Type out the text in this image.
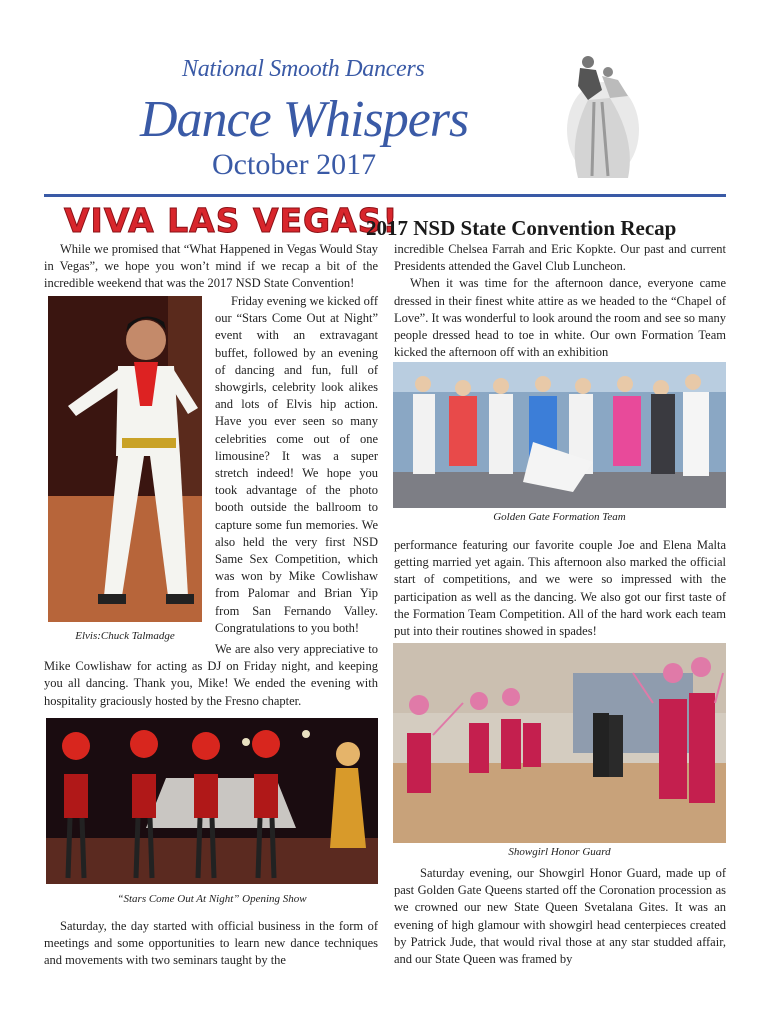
National Smooth Dancers
Dance Whispers
October 2017
VIVA LAS VEGAS!
2017 NSD State Convention Recap

While we promised that “What Happened in Vegas Would Stay in Vegas”, we hope you won’t mind if we recap a bit of the incredible weekend that was the 2017 NSD State Convention!

Friday evening we kicked off our “Stars Come Out at Night” event with an extravagant buffet, followed by an evening of dancing and fun, full of showgirls, celebrity look alikes and lots of Elvis hip action. Have you ever seen so many celebrities come out of one limousine? It was a super stretch indeed! We hope you took advantage of the photo booth outside the ballroom to capture some fun memories. We also held the very first NSD Same Sex Competition, which was won by Mike Cowlishaw from Palomar and Brian Yip from San Fernando Valley. Congratulations to you both!

Elvis:Chuck Talmadge

We are also very appreciative to Mike Cowlishaw for acting as DJ on Friday night, and keeping you all dancing. Thank you, Mike! We ended the evening with hospitality graciously hosted by the Fresno chapter.

“Stars Come Out At Night” Opening Show

Saturday, the day started with official business in the form of meetings and some opportunities to learn new dance techniques and movements with two seminars taught by the

incredible Chelsea Farrah and Eric Kopkte. Our past and current Presidents attended the Gavel Club Luncheon.

When it was time for the afternoon dance, everyone came dressed in their finest white attire as we headed to the “Chapel of Love”. It was wonderful to look around the room and see so many people dressed head to toe in white. Our own Formation Team kicked the afternoon off with an exhibition

Golden Gate Formation Team

performance featuring our favorite couple Joe and Elena Malta getting married yet again. This afternoon also marked the official start of competitions, and we were so impressed with the participation as well as the dancing. We also got our first taste of the Formation Team Competition. All of the hard work each team put into their routines showed in spades!

Showgirl Honor Guard

Saturday evening, our Showgirl Honor Guard, made up of past Golden Gate Queens started off the Coronation procession as we crowned our new State Queen Svetalana Gites. It was an evening of high glamour with showgirl head centerpieces created by Patrick Jude, that would rival those at any star studded affair, and our State Queen was framed by
